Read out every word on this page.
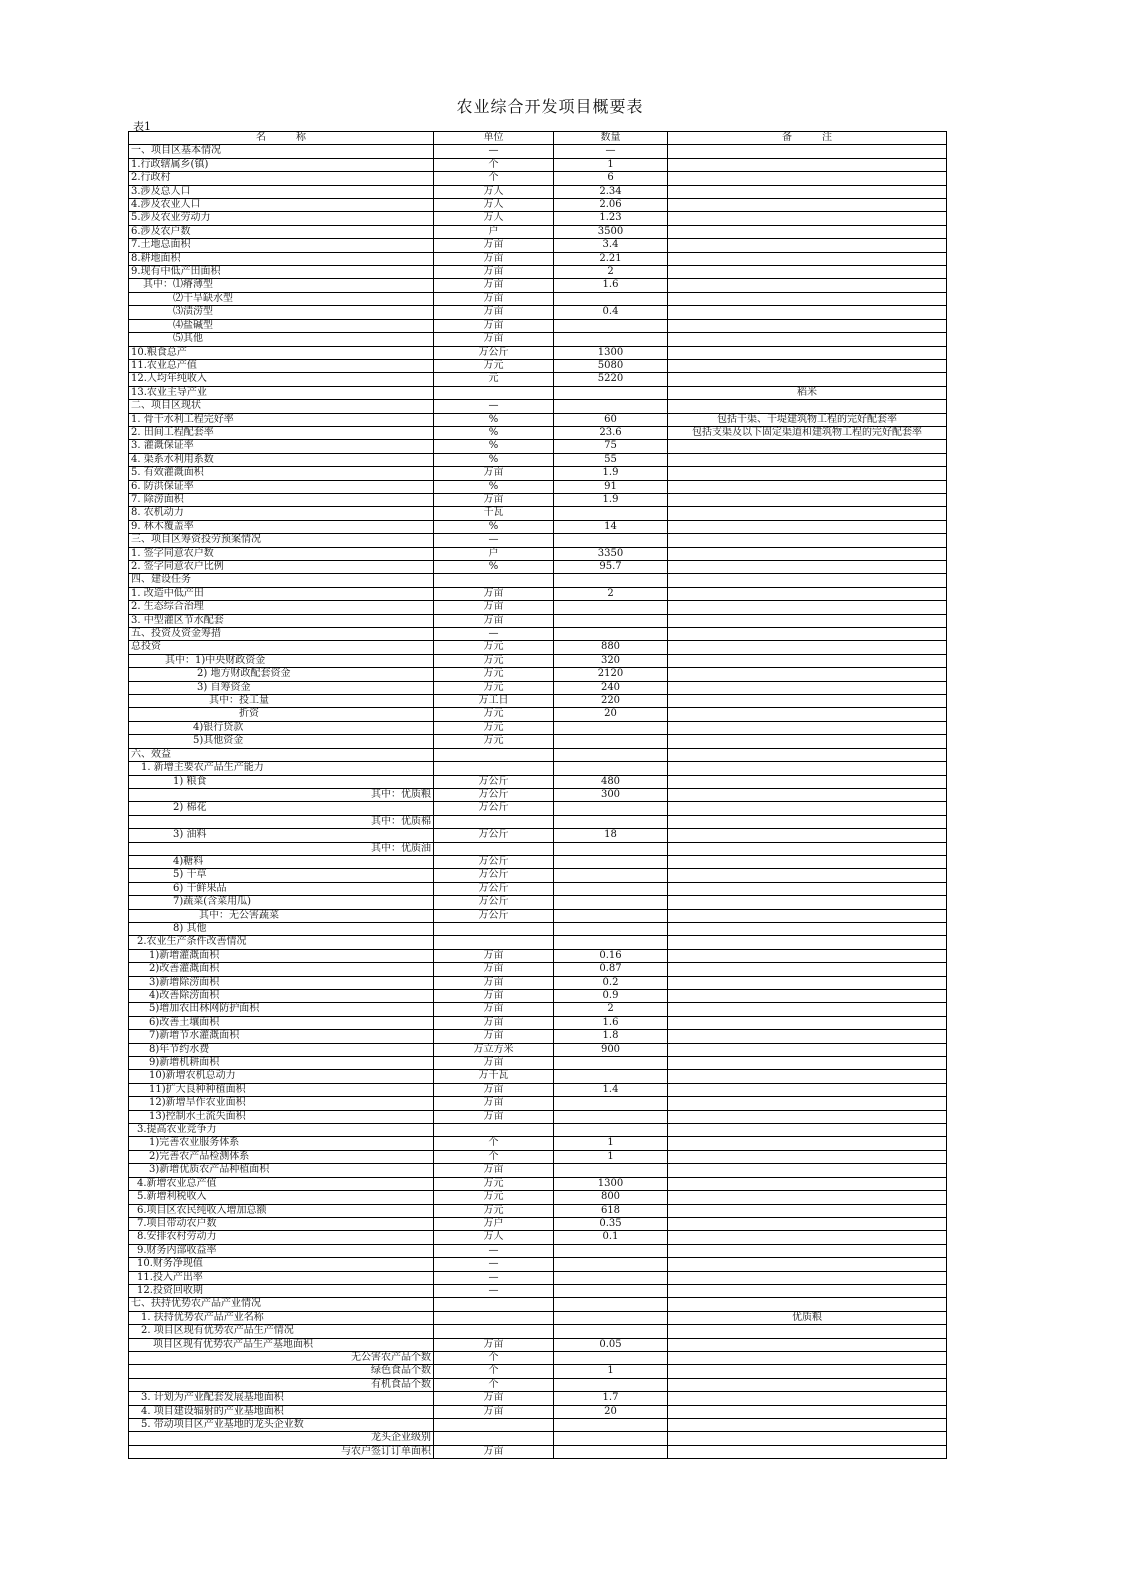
农业综合开发项目概要表
表1
名　　　称	单位	数量	备　　　注
一、项目区基本情况	—	—	
1.行政辖属乡(镇)	个	1	
2.行政村	个	6	
3.涉及总人口	万人	2.34	
4.涉及农业人口	万人	2.06	
5.涉及农业劳动力	万人	1.23	
6.涉及农户数	户	3500	
7.土地总面积	万亩	3.4	
8.耕地面积	万亩	2.21	
9.现有中低产田面积	万亩	2	
其中：⑴瘠薄型	万亩	1.6	
⑵干旱缺水型	万亩		
⑶渍涝型	万亩	0.4	
⑷盐碱型	万亩		
⑸其他	万亩		
10.粮食总产	万公斤	1300	
11.农业总产值	万元	5080	
12.人均年纯收入	元	5220	
13.农业主导产业			稻米
二、项目区现状	—		
1. 骨干水利工程完好率	%	60	包括干渠、干堤建筑物工程的完好配套率
2. 田间工程配套率	%	23.6	包括支渠及以下固定渠道和建筑物工程的完好配套率
3. 灌溉保证率	%	75	
4. 渠系水利用系数	%	55	
5. 有效灌溉面积	万亩	1.9	
6. 防洪保证率	%	91	
7. 除涝面积	万亩	1.9	
8. 农机动力	千瓦		
9. 林木覆盖率	%	14	
三、项目区筹资投劳预案情况	—		
1. 签字同意农户数	户	3350	
2. 签字同意农户比例	%	95.7	
四、建设任务			
1. 改造中低产田	万亩	2	
2. 生态综合治理	万亩		
3. 中型灌区节水配套	万亩		
五、投资及资金筹措	—		
总投资	万元	880	
其中：1)中央财政资金	万元	320	
2) 地方财政配套资金	万元	2120	
3) 自筹资金	万元	240	
其中：投工量	万工日	220	
折资	万元	20	
4)银行贷款	万元		
5)其他资金	万元		
六、效益			
1. 新增主要农产品生产能力			
1) 粮食	万公斤	480	
其中：优质粮	万公斤	300	
2) 棉花	万公斤		
其中：优质棉			
3) 油料	万公斤	18	
其中：优质油			
4)糖料	万公斤		
5) 干草	万公斤		
6) 干鲜果品	万公斤		
7)蔬菜(含菜用瓜)	万公斤		
其中：无公害蔬菜	万公斤		
8) 其他			
2.农业生产条件改善情况			
1)新增灌溉面积	万亩	0.16	
2)改善灌溉面积	万亩	0.87	
3)新增除涝面积	万亩	0.2	
4)改善除涝面积	万亩	0.9	
5)增加农田林网防护面积	万亩	2	
6)改善土壤面积	万亩	1.6	
7)新增节水灌溉面积	万亩	1.8	
8)年节约水费	万立方米	900	
9)新增机耕面积	万亩		
10)新增农机总动力	万千瓦		
11)扩大良种种植面积	万亩	1.4	
12)新增旱作农业面积	万亩		
13)控制水土流失面积	万亩		
3.提高农业竞争力			
1)完善农业服务体系	个	1	
2)完善农产品检测体系	个	1	
3)新增优质农产品种植面积	万亩		
4.新增农业总产值	万元	1300	
5.新增利税收入	万元	800	
6.项目区农民纯收入增加总额	万元	618	
7.项目带动农户数	万户	0.35	
8.安排农村劳动力	万人	0.1	
9.财务内部收益率	—		
10.财务净现值	—		
11.投入产出率	—		
12.投资回收期	—		
七、扶持优势农产品产业情况			
1. 扶持优势农产品产业名称			优质粮
2. 项目区现有优势农产品生产情况			
项目区现有优势农产品生产基地面积	万亩	0.05	
无公害农产品个数	个		
绿色食品个数	个	1	
有机食品个数	个		
3. 计划为产业配套发展基地面积	万亩	1.7	
4. 项目建设辐射的产业基地面积	万亩	20	
5. 带动项目区产业基地的龙头企业数			
龙头企业级别			
与农户签订订单面积	万亩		
